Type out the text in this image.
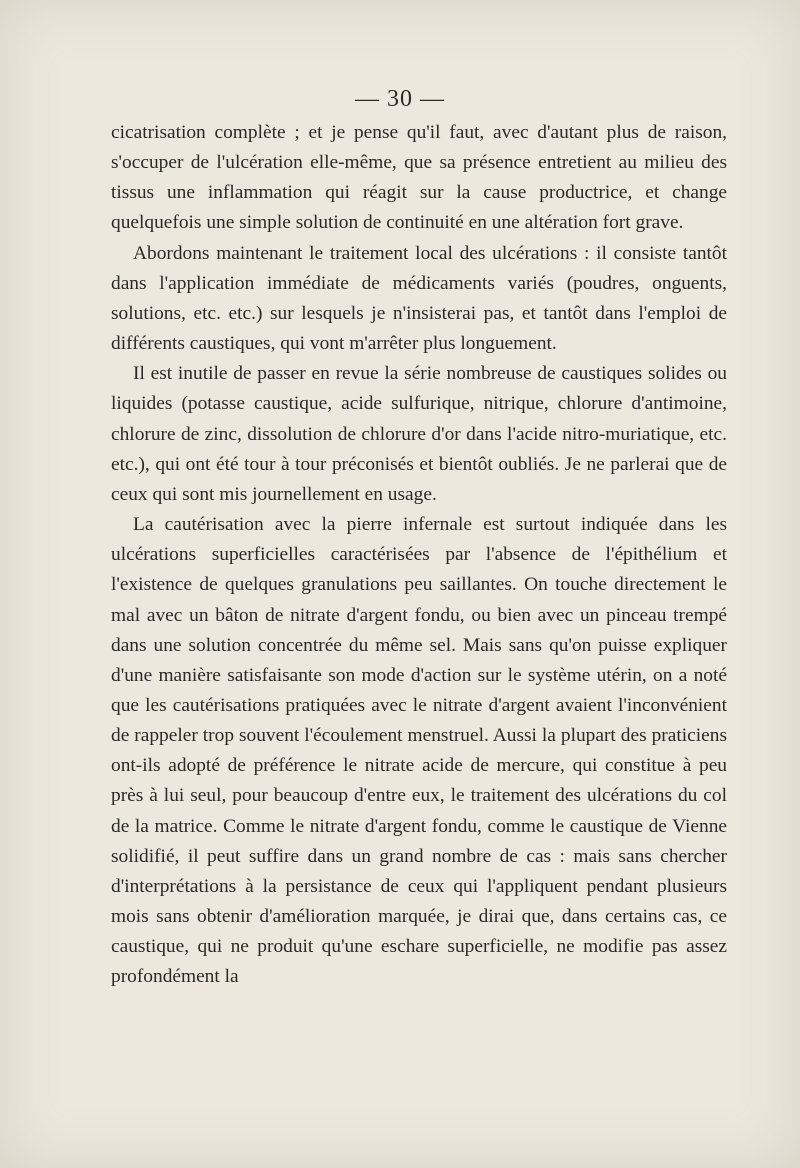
— 30 —

cicatrisation complète ; et je pense qu'il faut, avec d'autant plus de raison, s'occuper de l'ulcération elle-même, que sa présence entretient au milieu des tissus une inflammation qui réagit sur la cause productrice, et change quelquefois une simple solution de continuité en une altération fort grave.

Abordons maintenant le traitement local des ulcérations : il consiste tantôt dans l'application immédiate de médicaments variés (poudres, onguents, solutions, etc. etc.) sur lesquels je n'insisterai pas, et tantôt dans l'emploi de différents caustiques, qui vont m'arrêter plus longuement.

Il est inutile de passer en revue la série nombreuse de caustiques solides ou liquides (potasse caustique, acide sulfurique, nitrique, chlorure d'antimoine, chlorure de zinc, dissolution de chlorure d'or dans l'acide nitro-muriatique, etc. etc.), qui ont été tour à tour préconisés et bientôt oubliés. Je ne parlerai que de ceux qui sont mis journellement en usage.

La cautérisation avec la pierre infernale est surtout indiquée dans les ulcérations superficielles caractérisées par l'absence de l'épithélium et l'existence de quelques granulations peu saillantes. On touche directement le mal avec un bâton de nitrate d'argent fondu, ou bien avec un pinceau trempé dans une solution concentrée du même sel. Mais sans qu'on puisse expliquer d'une manière satisfaisante son mode d'action sur le système utérin, on a noté que les cautérisations pratiquées avec le nitrate d'argent avaient l'inconvénient de rappeler trop souvent l'écoulement menstruel. Aussi la plupart des praticiens ont-ils adopté de préférence le nitrate acide de mercure, qui constitue à peu près à lui seul, pour beaucoup d'entre eux, le traitement des ulcérations du col de la matrice. Comme le nitrate d'argent fondu, comme le caustique de Vienne solidifié, il peut suffire dans un grand nombre de cas : mais sans chercher d'interprétations à la persistance de ceux qui l'appliquent pendant plusieurs mois sans obtenir d'amélioration marquée, je dirai que, dans certains cas, ce caustique, qui ne produit qu'une eschare superficielle, ne modifie pas assez profondément la
